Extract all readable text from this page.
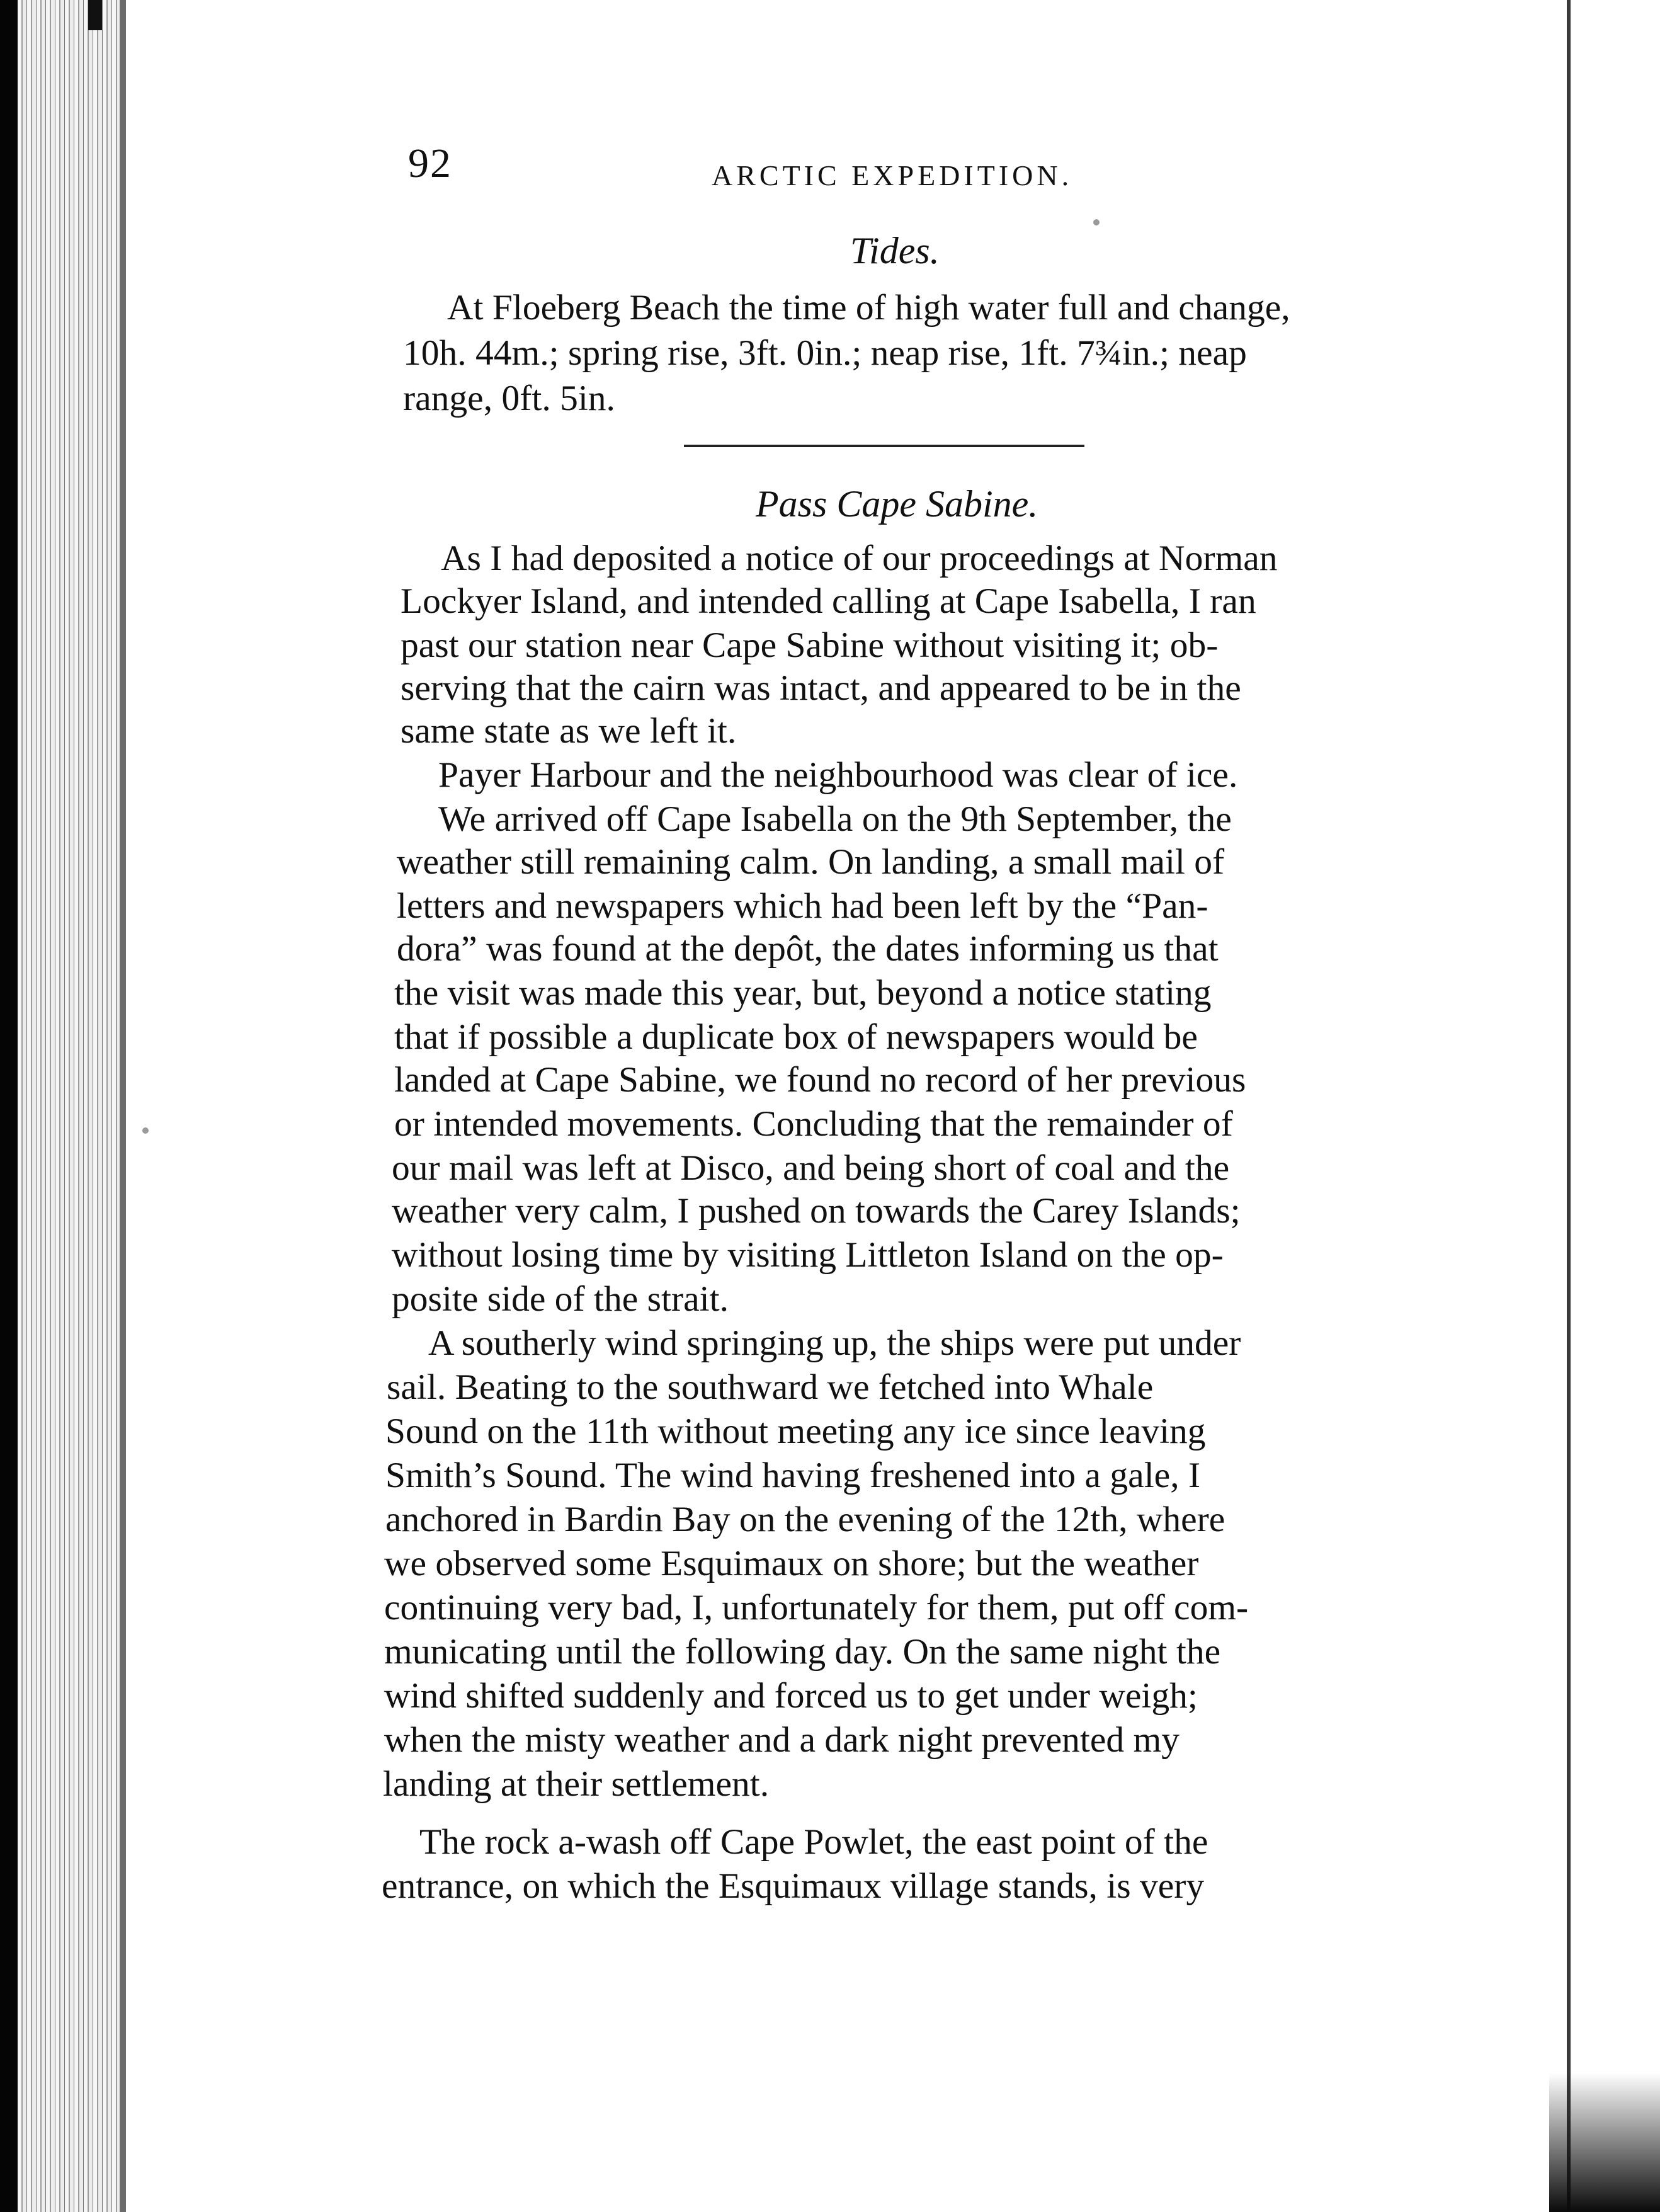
92	ARCTIC EXPEDITION.
Tides.
At Floeberg Beach the time of high water full and change,
10h. 44m.; spring rise, 3ft. 0in.; neap rise, 1ft. 7¾in.; neap
range, 0ft. 5in.
Pass Cape Sabine.
As I had deposited a notice of our proceedings at Norman
Lockyer Island, and intended calling at Cape Isabella, I ran
past our station near Cape Sabine without visiting it; ob-
serving that the cairn was intact, and appeared to be in the
same state as we left it.
Payer Harbour and the neighbourhood was clear of ice.
We arrived off Cape Isabella on the 9th September, the
weather still remaining calm. On landing, a small mail of
letters and newspapers which had been left by the “Pan-
dora” was found at the depôt, the dates informing us that
the visit was made this year, but, beyond a notice stating
that if possible a duplicate box of newspapers would be
landed at Cape Sabine, we found no record of her previous
or intended movements. Concluding that the remainder of
our mail was left at Disco, and being short of coal and the
weather very calm, I pushed on towards the Carey Islands;
without losing time by visiting Littleton Island on the op-
posite side of the strait.
A southerly wind springing up, the ships were put under
sail. Beating to the southward we fetched into Whale
Sound on the 11th without meeting any ice since leaving
Smith’s Sound. The wind having freshened into a gale, I
anchored in Bardin Bay on the evening of the 12th, where
we observed some Esquimaux on shore; but the weather
continuing very bad, I, unfortunately for them, put off com-
municating until the following day. On the same night the
wind shifted suddenly and forced us to get under weigh;
when the misty weather and a dark night prevented my
landing at their settlement.
The rock a-wash off Cape Powlet, the east point of the
entrance, on which the Esquimaux village stands, is very
